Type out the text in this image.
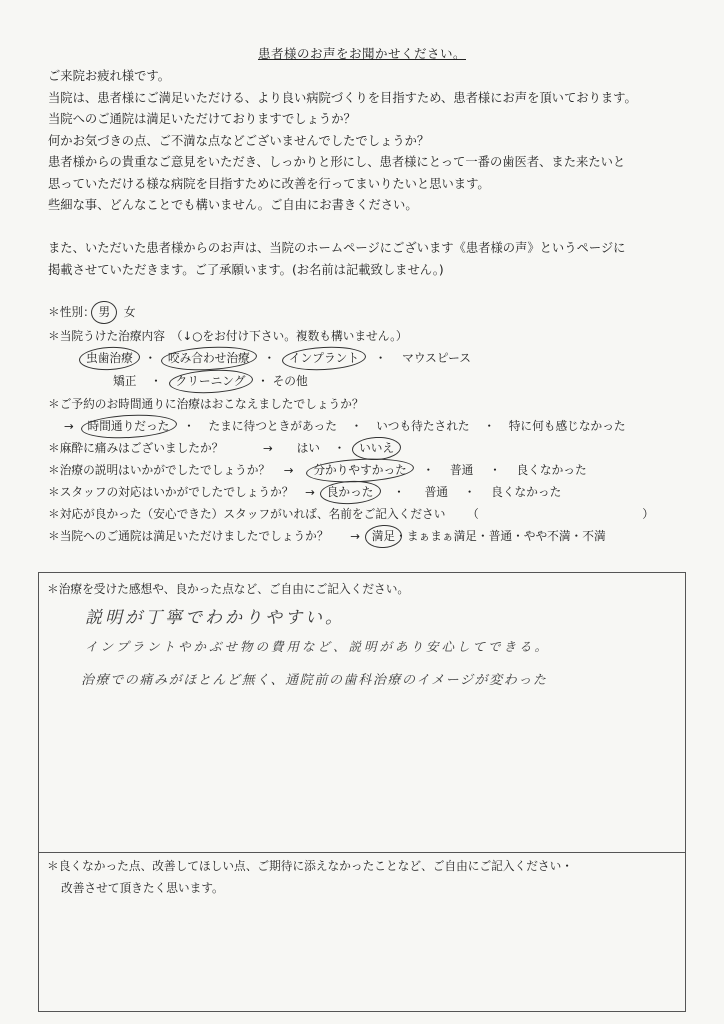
患者様のお声をお聞かせください。
ご来院お疲れ様です。
当院は、患者様にご満足いただける、より良い病院づくりを目指すため、患者様にお声を頂いております。
当院へのご通院は満足いただけておりますでしょうか？
何かお気づきの点、ご不満な点などございませんでしたでしょうか？
患者様からの貴重なご意見をいただき、しっかりと形にし、患者様にとって一番の歯医者、また来たいと
思っていただける様な病院を目指すために改善を行ってまいりたいと思います。
些細な事、どんなことでも構いません。ご自由にお書きください。
また、いただいた患者様からのお声は、当院のホームページにございます《患者様の声》というページに
掲載させていただきます。ご了承願います。(お名前は記載致しません。)
＊性別： 男 女
＊当院うけた治療内容　（↓○をお付け下さい。複数も構いません。）
虫歯治療 ・ 咬み合わせ治療 ・ インプラント ・ マウスピース
矯正 ・ クリーニング ・ その他
＊ご予約のお時間通りに治療はおこなえましたでしょうか？
→ 時間通りだった ・ たまに待つときがあった ・ いつも待たされた ・ 特に何も感じなかった
＊麻酔に痛みはございましたか？	→ はい ・ いいえ
＊治療の説明はいかがでしたでしょうか？ → 分かりやすかった ・ 普通 ・ 良くなかった
＊スタッフの対応はいかがでしたでしょうか？ → 良かった ・ 普通 ・ 良くなかった
＊対応が良かった（安心できた）スタッフがいれば、名前をご記入ください （	）
＊当院へのご通院は満足いただけましたでしょうか？ → 満足・まぁまぁ満足・普通・やや不満・不満
＊治療を受けた感想や、良かった点など、ご自由にご記入ください。
説明が丁寧でわかりやすい。
インプラントやかぶせ物の費用など、説明があり安心してできる。
治療での痛みがほとんど無く、通院前の歯科治療のイメージが変わった
＊良くなかった点、改善してほしい点、ご期待に添えなかったことなど、ご自由にご記入ください・
改善させて頂きたく思います。
